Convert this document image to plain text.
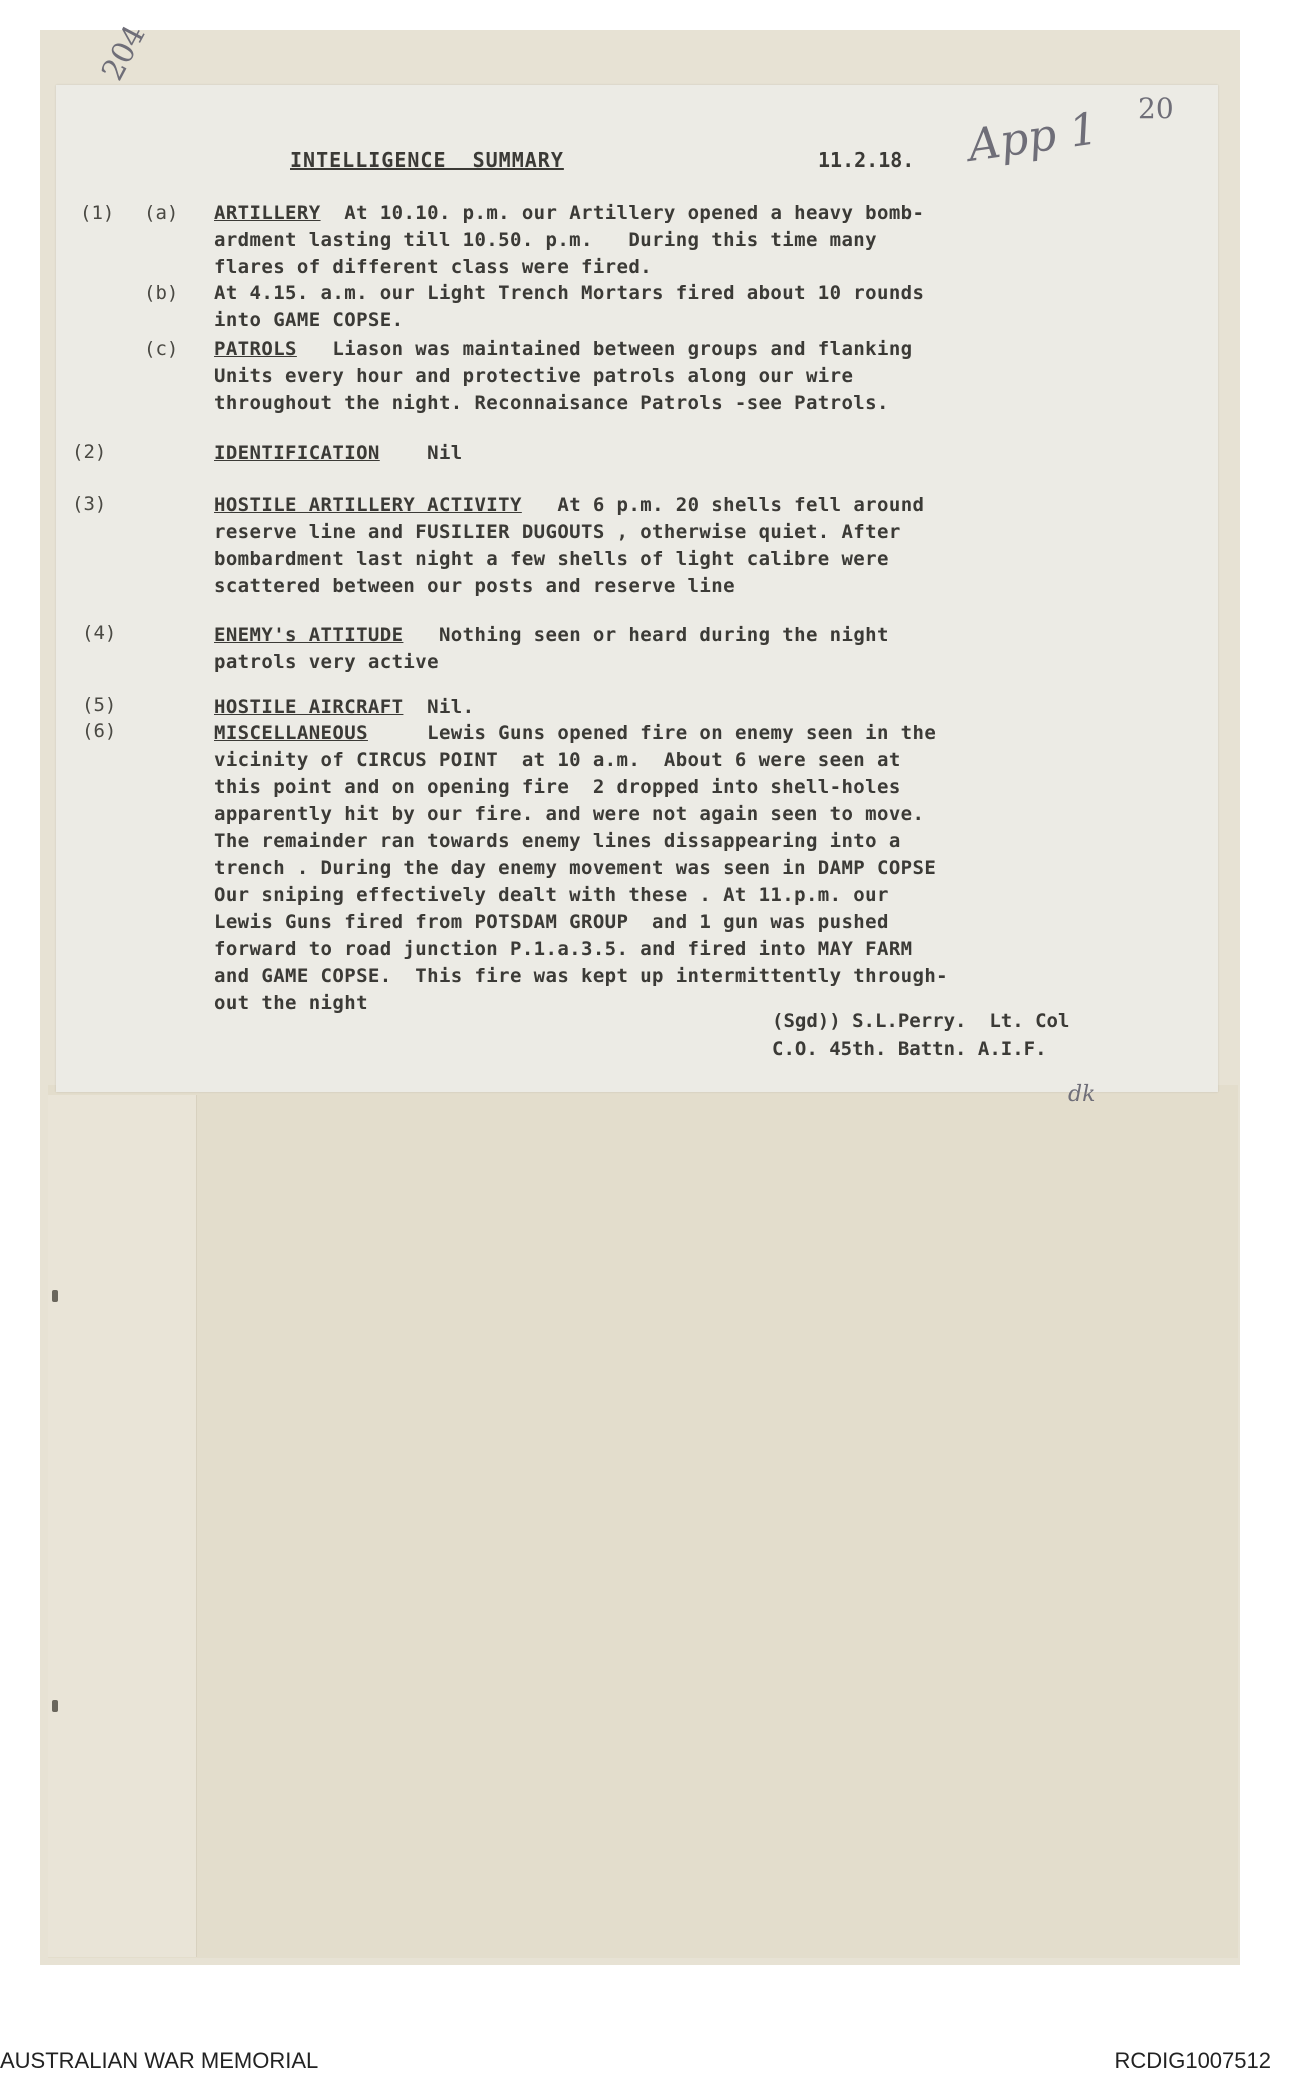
204
20
App 1
INTELLIGENCE  SUMMARY	11.2.18.
(1) (a) ARTILLERY At 10.10. p.m. our Artillery opened a heavy bomb-
ardment lasting till 10.50. p.m.   During this time many
flares of different class were fired.
(b) At 4.15. a.m. our Light Trench Mortars fired about 10 rounds
into GAME COPSE.
(c) PATROLS Liason was maintained between groups and flanking
Units every hour and protective patrols along our wire
throughout the night. Reconnaisance Patrols -see Patrols.
(2)	IDENTIFICATION Nil
(3)	HOSTILE ARTILLERY ACTIVITY At 6 p.m. 20 shells fell around
reserve line and FUSILIER DUGOUTS , otherwise quiet. After
bombardment last night a few shells of light calibre were
scattered between our posts and reserve line
(4)	ENEMY's ATTITUDE Nothing seen or heard during the night
patrols very active
(5)	HOSTILE AIRCRAFT Nil.
(6)	MISCELLANEOUS	Lewis Guns opened fire on enemy seen in the
vicinity of CIRCUS POINT  at 10 a.m.  About 6 were seen at
this point and on opening fire  2 dropped into shell-holes
apparently hit by our fire. and were not again seen to move.
The remainder ran towards enemy lines dissappearing into a
trench . During the day enemy movement was seen in DAMP COPSE
Our sniping effectively dealt with these . At 11.p.m. our
Lewis Guns fired from POTSDAM GROUP  and 1 gun was pushed
forward to road junction P.1.a.3.5. and fired into MAY FARM
and GAME COPSE.  This fire was kept up intermittently through-
out the night
(Sgd)) S.L.Perry.  Lt. Col
C.O. 45th. Battn. A.I.F.
dk
AUSTRALIAN WAR MEMORIAL	RCDIG1007512
